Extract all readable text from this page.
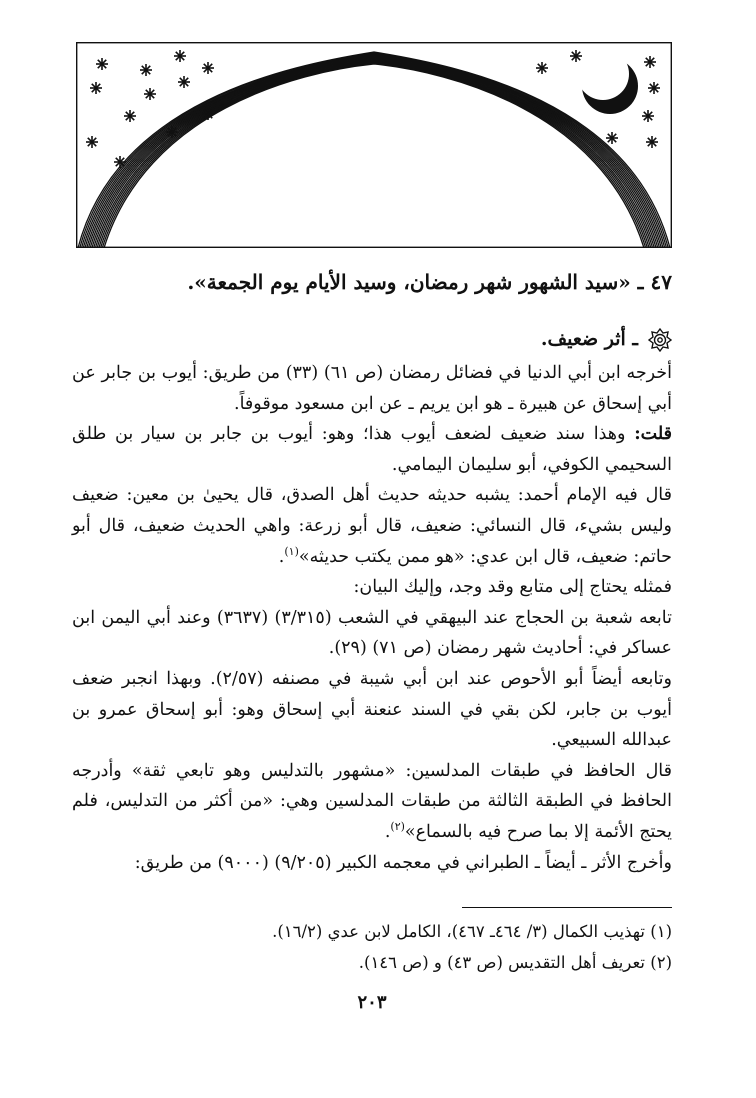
٤٧ ـ «سيد الشهور شهر رمضان، وسيد الأيام يوم الجمعة».
ـ أثر ضعيف.

أخرجه ابن أبي الدنيا في فضائل رمضان (ص ٦١) (٣٣) من طريق: أيوب بن جابر عن أبي إسحاق عن هبيرة ـ هو ابن يريم ـ عن ابن مسعود موقوفاً.

قلت: وهذا سند ضعيف لضعف أيوب هذا؛ وهو: أيوب بن جابر بن سيار بن طلق السحيمي الكوفي، أبو سليمان اليمامي.

قال فيه الإمام أحمد: يشبه حديثه حديث أهل الصدق، قال يحيىٰ بن معين: ضعيف وليس بشيء، قال النسائي: ضعيف، قال أبو زرعة: واهي الحديث ضعيف، قال أبو حاتم: ضعيف، قال ابن عدي: «هو ممن يكتب حديثه»$^{(١)}$.

فمثله يحتاج إلى متابع وقد وجد، وإليك البيان:

تابعه شعبة بن الحجاج عند البيهقي في الشعب (٣/٣١٥) (٣٦٣٧) وعند أبي اليمن ابن عساكر في: أحاديث شهر رمضان (ص ٧١) (٢٩).

وتابعه أيضاً أبو الأحوص عند ابن أبي شيبة في مصنفه (٢/٥٧). وبهذا انجبر ضعف أيوب بن جابر، لكن بقي في السند عنعنة أبي إسحاق وهو: أبو إسحاق عمرو بن عبدالله السبيعي.

قال الحافظ في طبقات المدلسين: «مشهور بالتدليس وهو تابعي ثقة» وأدرجه الحافظ في الطبقة الثالثة من طبقات المدلسين وهي: «من أكثر من التدليس، فلم يحتج الأئمة إلا بما صرح فيه بالسماع»$^{(٢)}$.

وأخرج الأثر ـ أيضاً ـ الطبراني في معجمه الكبير (٩/٢٠٥) (٩٠٠٠) من طريق:

(١) تهذيب الكمال (٣/ ٤٦٤ـ ٤٦٧)، الكامل لابن عدي (١٦/٢).
(٢) تعريف أهل التقديس (ص ٤٣) و (ص ١٤٦).
٢٠٣
